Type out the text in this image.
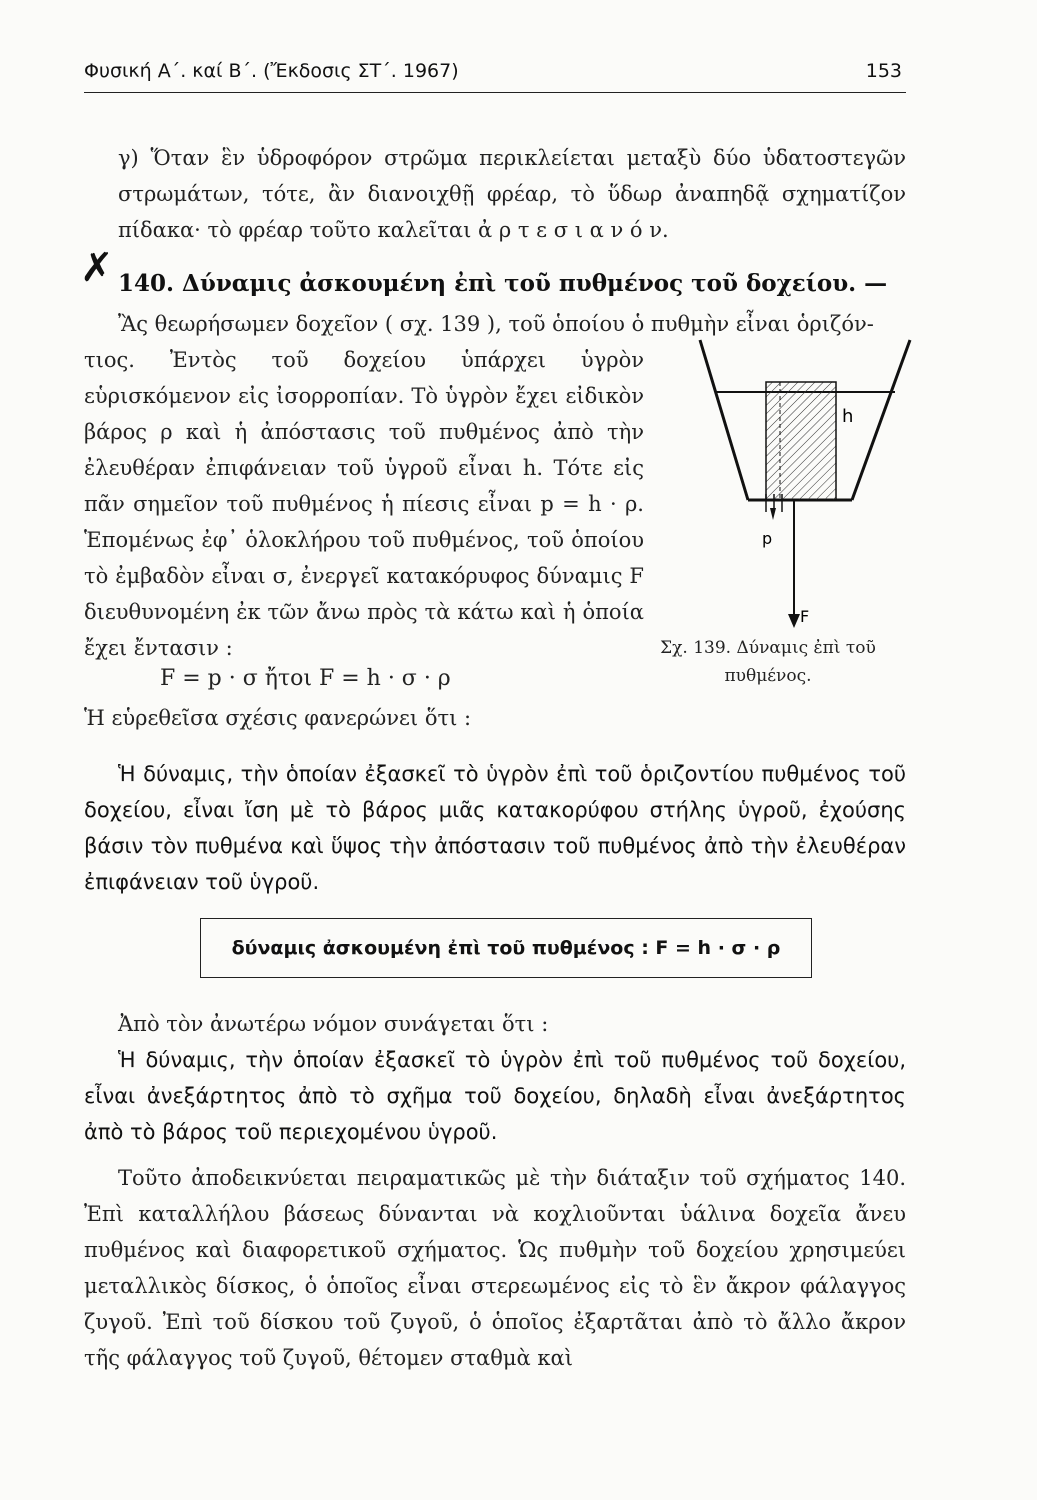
Φυσική Α΄. καί Β΄. (Ἔκδοσις ΣΤ΄. 1967)	153
γ) Ὅταν ἓν ὑδροφόρον στρῶμα περικλείεται μεταξὺ δύο ὑδατοστεγῶν στρωμάτων, τότε, ἂν διανοιχθῇ φρέαρ, τὸ ὕδωρ ἀναπηδᾷ σχηματίζον πίδακα· τὸ φρέαρ τοῦτο καλεῖται ἀ ρ τ ε σ ι α ν ό ν.
✗ 140. Δύναμις ἀσκουμένη ἐπὶ τοῦ πυθμένος τοῦ δοχείου. —
Ἂς θεωρήσωμεν δοχεῖον ( σχ. 139 ), τοῦ ὁποίου ὁ πυθμὴν εἶναι ὁριζόν-
τιος. Ἐντὸς τοῦ δοχείου ὑπάρχει ὑγρὸν εὑρισκόμενον εἰς ἰσορροπίαν. Τὸ ὑγρὸν ἔχει εἰδικὸν βάρος ρ καὶ ἡ ἀπόστασις τοῦ πυθμένος ἀπὸ τὴν ἐλευθέραν ἐπιφάνειαν τοῦ ὑγροῦ εἶναι h. Τότε εἰς πᾶν σημεῖον τοῦ πυθμένος ἡ πίεσις εἶναι p = h · ρ. Ἑπομένως ἐφ᾽ ὁλοκλήρου τοῦ πυθμένος, τοῦ ὁποίου τὸ ἐμβαδὸν εἶναι σ, ἐνεργεῖ κατακόρυφος δύναμις F διευθυνομένη ἐκ τῶν ἄνω πρὸς τὰ κάτω καὶ ἡ ὁποία ἔχει ἔντασιν :
F = p · σ ἤτοι F = h · σ · ρ
h
p
F
Σχ. 139. Δύναμις ἐπὶ τοῦ πυθμένος.
Ἡ εὑρεθεῖσα σχέσις φανερώνει ὅτι :
Ἡ δύναμις, τὴν ὁποίαν ἐξασκεῖ τὸ ὑγρὸν ἐπὶ τοῦ ὁριζοντίου πυθμένος τοῦ δοχείου, εἶναι ἴση μὲ τὸ βάρος μιᾶς κατακορύφου στήλης ὑγροῦ, ἐχούσης βάσιν τὸν πυθμένα καὶ ὕψος τὴν ἀπόστασιν τοῦ πυθμένος ἀπὸ τὴν ἐλευθέραν ἐπιφάνειαν τοῦ ὑγροῦ.
δύναμις ἀσκουμένη ἐπὶ τοῦ πυθμένος : F = h · σ · ρ
Ἀπὸ τὸν ἀνωτέρω νόμον συνάγεται ὅτι :
Ἡ δύναμις, τὴν ὁποίαν ἐξασκεῖ τὸ ὑγρὸν ἐπὶ τοῦ πυθμένος τοῦ δοχείου, εἶναι ἀνεξάρτητος ἀπὸ τὸ σχῆμα τοῦ δοχείου, δηλαδὴ εἶναι ἀνεξάρτητος ἀπὸ τὸ βάρος τοῦ περιεχομένου ὑγροῦ.
Τοῦτο ἀποδεικνύεται πειραματικῶς μὲ τὴν διάταξιν τοῦ σχήματος 140. Ἐπὶ καταλλήλου βάσεως δύνανται νὰ κοχλιοῦνται ὑάλινα δοχεῖα ἄνευ πυθμένος καὶ διαφορετικοῦ σχήματος. Ὡς πυθμὴν τοῦ δοχείου χρησιμεύει μεταλλικὸς δίσκος, ὁ ὁποῖος εἶναι στερεωμένος εἰς τὸ ἓν ἄκρον φάλαγγος ζυγοῦ. Ἐπὶ τοῦ δίσκου τοῦ ζυγοῦ, ὁ ὁποῖος ἐξαρτᾶται ἀπὸ τὸ ἄλλο ἄκρον τῆς φάλαγγος τοῦ ζυγοῦ, θέτομεν σταθμὰ καὶ
